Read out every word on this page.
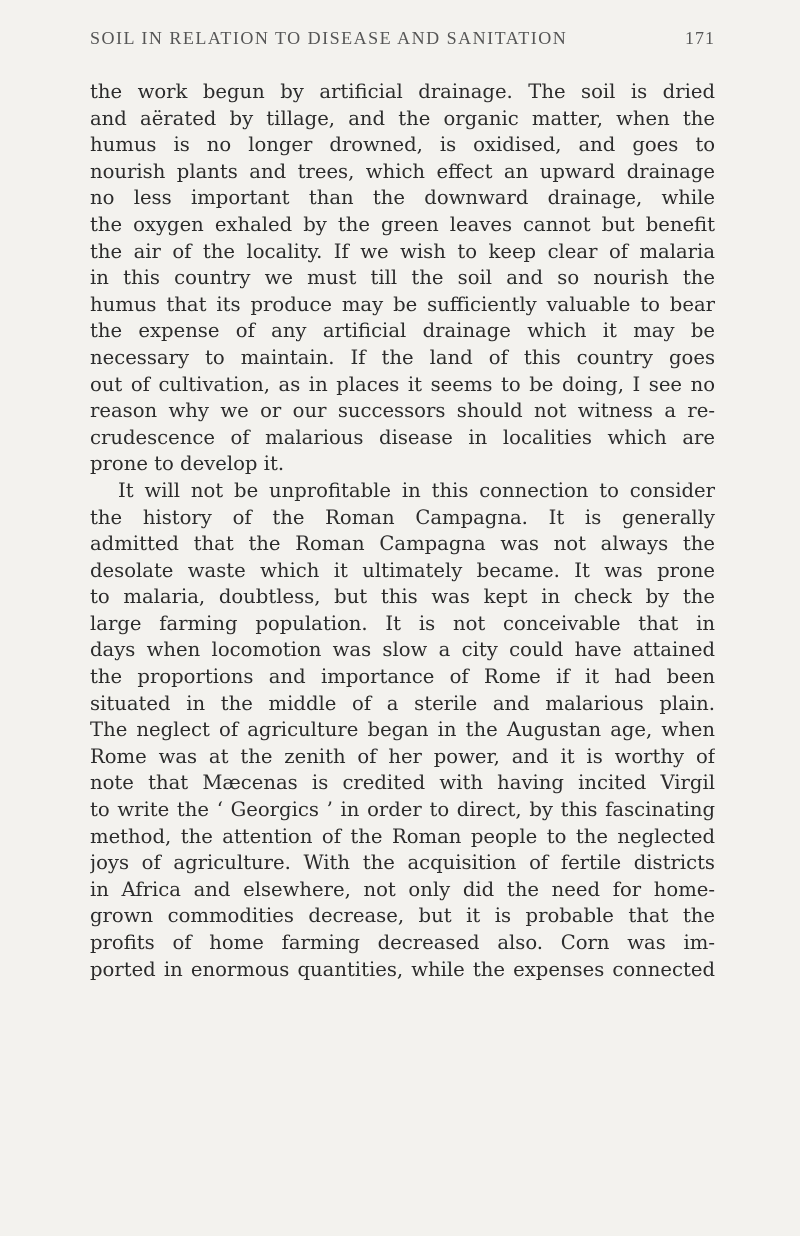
SOIL IN RELATION TO DISEASE AND SANITATION	171
the work begun by artificial drainage. The soil is dried
and aërated by tillage, and the organic matter, when the
humus is no longer drowned, is oxidised, and goes to
nourish plants and trees, which effect an upward drainage
no less important than the downward drainage, while
the oxygen exhaled by the green leaves cannot but benefit
the air of the locality. If we wish to keep clear of malaria
in this country we must till the soil and so nourish the
humus that its produce may be sufficiently valuable to bear
the expense of any artificial drainage which it may be
necessary to maintain. If the land of this country goes
out of cultivation, as in places it seems to be doing, I see no
reason why we or our successors should not witness a re-
crudescence of malarious disease in localities which are
prone to develop it.
It will not be unprofitable in this connection to consider
the history of the Roman Campagna. It is generally
admitted that the Roman Campagna was not always the
desolate waste which it ultimately became. It was prone
to malaria, doubtless, but this was kept in check by the
large farming population. It is not conceivable that in
days when locomotion was slow a city could have attained
the proportions and importance of Rome if it had been
situated in the middle of a sterile and malarious plain.
The neglect of agriculture began in the Augustan age, when
Rome was at the zenith of her power, and it is worthy of
note that Mæcenas is credited with having incited Virgil
to write the ‘ Georgics ’ in order to direct, by this fascinating
method, the attention of the Roman people to the neglected
joys of agriculture. With the acquisition of fertile districts
in Africa and elsewhere, not only did the need for home-
grown commodities decrease, but it is probable that the
profits of home farming decreased also. Corn was im-
ported in enormous quantities, while the expenses connected
